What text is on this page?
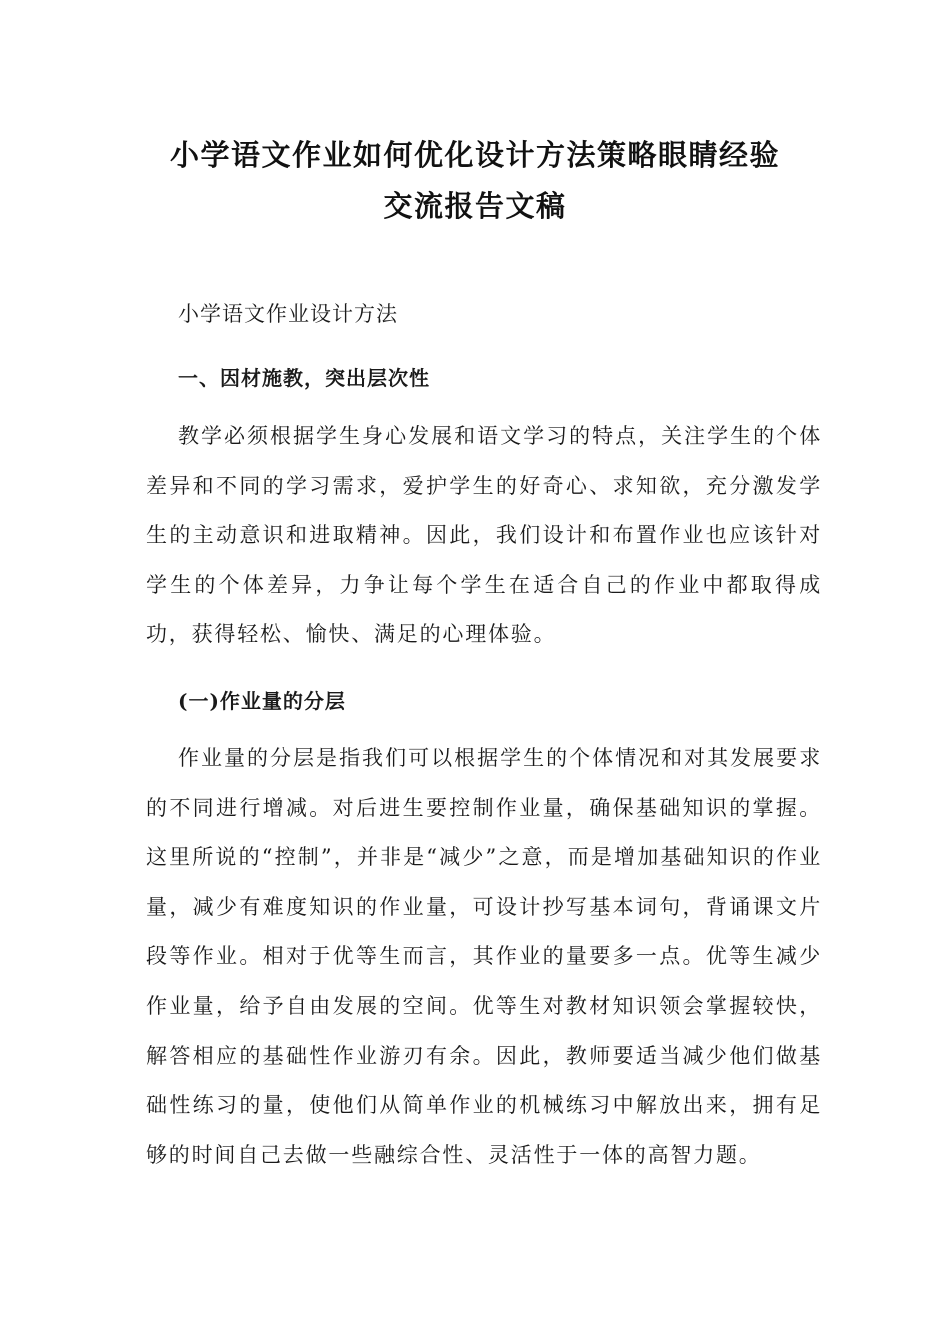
小学语文作业如何优化设计方法策略眼睛经验
交流报告文稿
小学语文作业设计方法
一、因材施教，突出层次性

教学必须根据学生身心发展和语文学习的特点，关注学生的个体差异和不同的学习需求，爱护学生的好奇心、求知欲，充分激发学生的主动意识和进取精神。因此，我们设计和布置作业也应该针对学生的个体差异，力争让每个学生在适合自己的作业中都取得成功，获得轻松、愉快、满足的心理体验。

(一)作业量的分层

作业量的分层是指我们可以根据学生的个体情况和对其发展要求的不同进行增减。对后进生要控制作业量，确保基础知识的掌握。这里所说的“控制”，并非是“减少”之意，而是增加基础知识的作业量，减少有难度知识的作业量，可设计抄写基本词句，背诵课文片段等作业。相对于优等生而言，其作业的量要多一点。优等生减少作业量，给予自由发展的空间。优等生对教材知识领会掌握较快，解答相应的基础性作业游刃有余。因此，教师要适当减少他们做基础性练习的量，使他们从简单作业的机械练习中解放出来，拥有足够的时间自己去做一些融综合性、灵活性于一体的高智力题。
